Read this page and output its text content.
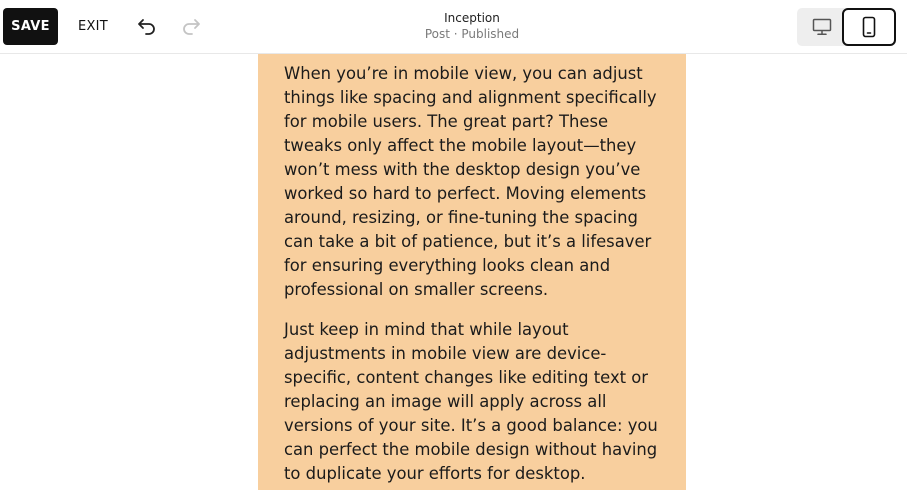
SAVE	EXIT
Inception
Post · Published

When you’re in mobile view, you can adjust things like spacing and alignment specifically for mobile users. The great part? These tweaks only affect the mobile layout—they won’t mess with the desktop design you’ve worked so hard to perfect. Moving elements around, resizing, or fine-tuning the spacing can take a bit of patience, but it’s a lifesaver for ensuring everything looks clean and professional on smaller screens.

Just keep in mind that while layout adjustments in mobile view are device-specific, content changes like editing text or replacing an image will apply across all versions of your site. It’s a good balance: you can perfect the mobile design without having to duplicate your efforts for desktop.
